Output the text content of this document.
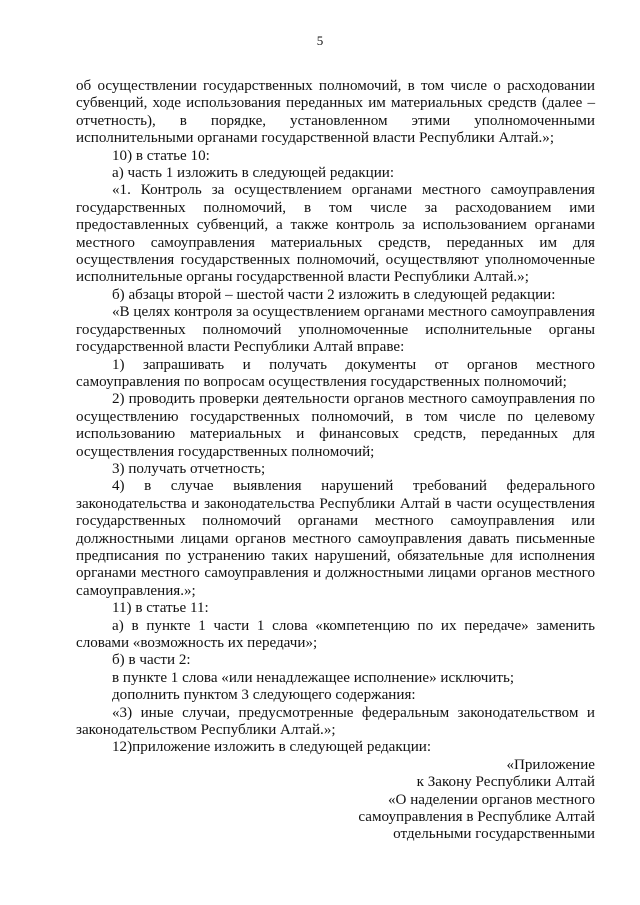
5

об осуществлении государственных полномочий, в том числе о расходовании субвенций, ходе использования переданных им материальных средств (далее – отчетность), в порядке, установленном этими уполномоченными исполнительными органами государственной власти Республики Алтай.»;

10) в статье 10:

а) часть 1 изложить в следующей редакции:

«1. Контроль за осуществлением органами местного самоуправления государственных полномочий, в том числе за расходованием ими предоставленных субвенций, а также контроль за использованием органами местного самоуправления материальных средств, переданных им для осуществления государственных полномочий, осуществляют уполномоченные исполнительные органы государственной власти Республики Алтай.»;

б) абзацы второй – шестой части 2 изложить в следующей редакции:

«В целях контроля за осуществлением органами местного самоуправления государственных полномочий уполномоченные исполнительные органы государственной власти Республики Алтай вправе:

1) запрашивать и получать документы от органов местного самоуправления по вопросам осуществления государственных полномочий;

2) проводить проверки деятельности органов местного самоуправления по осуществлению государственных полномочий, в том числе по целевому использованию материальных и финансовых средств, переданных для осуществления государственных полномочий;

3) получать отчетность;

4) в случае выявления нарушений требований федерального законодательства и законодательства Республики Алтай в части осуществления государственных полномочий органами местного самоуправления или должностными лицами органов местного самоуправления давать письменные предписания по устранению таких нарушений, обязательные для исполнения органами местного самоуправления и должностными лицами органов местного самоуправления.»;

11) в статье 11:

а) в пункте 1 части 1 слова «компетенцию по их передаче» заменить словами «возможность их передачи»;

б) в части 2:

в пункте 1 слова «или ненадлежащее исполнение» исключить;

дополнить пунктом 3 следующего содержания:

«3) иные случаи, предусмотренные федеральным законодательством и законодательством Республики Алтай.»;

12)приложение изложить в следующей редакции:

«Приложение

к Закону Республики Алтай

«О наделении органов местного

самоуправления в Республике Алтай

отдельными государственными
